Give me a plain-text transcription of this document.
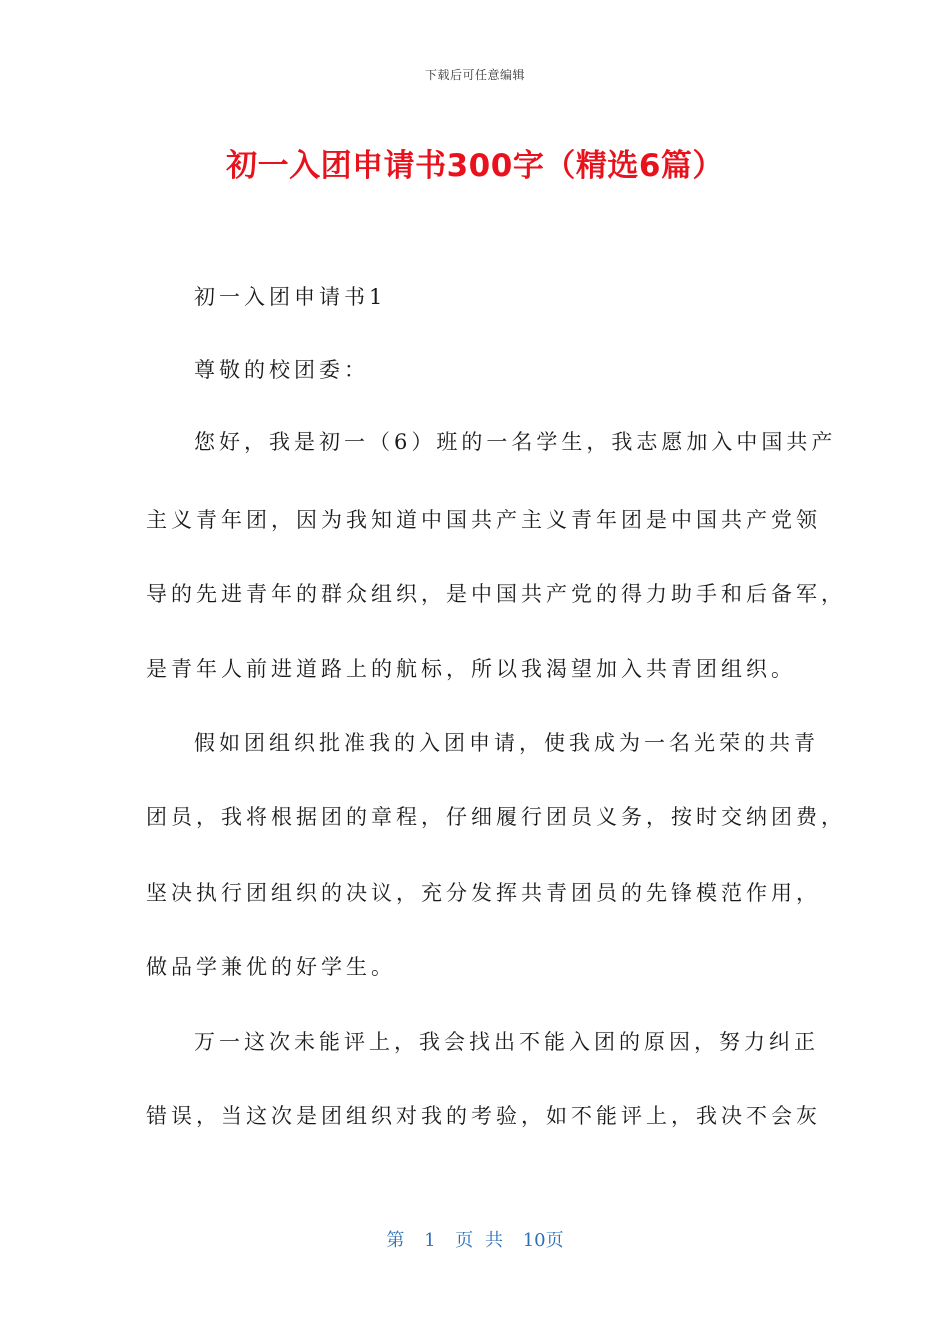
下载后可任意编辑
初一入团申请书300字（精选6篇）
初一入团申请书1
尊敬的校团委：
您好，我是初一（6）班的一名学生，我志愿加入中国共产
主义青年团，因为我知道中国共产主义青年团是中国共产党领
导的先进青年的群众组织，是中国共产党的得力助手和后备军，
是青年人前进道路上的航标，所以我渴望加入共青团组织。
假如团组织批准我的入团申请，使我成为一名光荣的共青
团员，我将根据团的章程，仔细履行团员义务，按时交纳团费，
坚决执行团组织的决议，充分发挥共青团员的先锋模范作用，
做品学兼优的好学生。
万一这次未能评上，我会找出不能入团的原因，努力纠正
错误，当这次是团组织对我的考验，如不能评上，我决不会灰
第 1 页 共 10页
